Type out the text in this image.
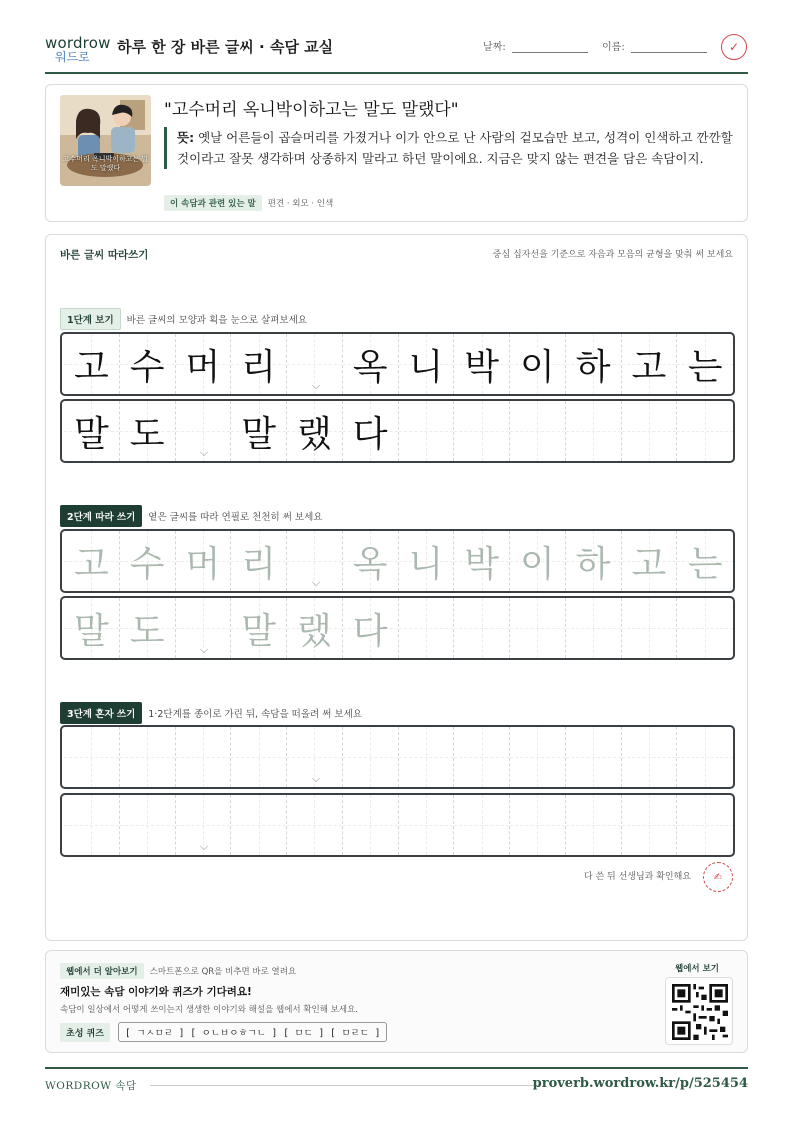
wordrow
워드로
하루 한 장 바른 글씨 · 속담 교실	날짜:	이름:	✓
고수머리 옥니박이하고는 말도 말랬다
"고수머리 옥니박이하고는 말도 말랬다"
뜻: 옛날 어른들이 곱슬머리를 가졌거나 이가 안으로 난 사람의 겉모습만 보고, 성격이 인색하고 깐깐할 것이라고 잘못 생각하며 상종하지 말라고 하던 말이에요. 지금은 맞지 않는 편견을 담은 속담이지.
이 속담과 관련 있는 말 편견 · 외모 · 인색
바른 글씨 따라쓰기	중심 십자선을 기준으로 자음과 모음의 균형을 맞춰 써 보세요
1단계 보기 바른 글씨의 모양과 획을 눈으로 살펴보세요
고 수 머 리 옥 니 박 이 하 고 는
⌵
말 도 말 랬 다
⌵
2단계 따라 쓰기 옅은 글씨를 따라 연필로 천천히 써 보세요
고 수 머 리 옥 니 박 이 하 고 는
⌵
말 도 말 랬 다
⌵
3단계 혼자 쓰기 1·2단계를 종이로 가린 뒤, 속담을 떠올려 써 보세요
⌵
⌵
다 쓴 뒤 선생님과 확인해요	✍
웹에서 더 알아보기 스마트폰으로 QR을 비추면 바로 열려요
재미있는 속담 이야기와 퀴즈가 기다려요!
속담이 일상에서 어떻게 쓰이는지 생생한 이야기와 해설을 웹에서 확인해 보세요.
초성 퀴즈 [ ㄱㅅㅁㄹ ] [ ㅇㄴㅂㅇㅎㄱㄴ ] [ ㅁㄷ ] [ ㅁㄹㄷ ]
웹에서 보기
WORDROW 속담	proverb.wordrow.kr/p/525454
